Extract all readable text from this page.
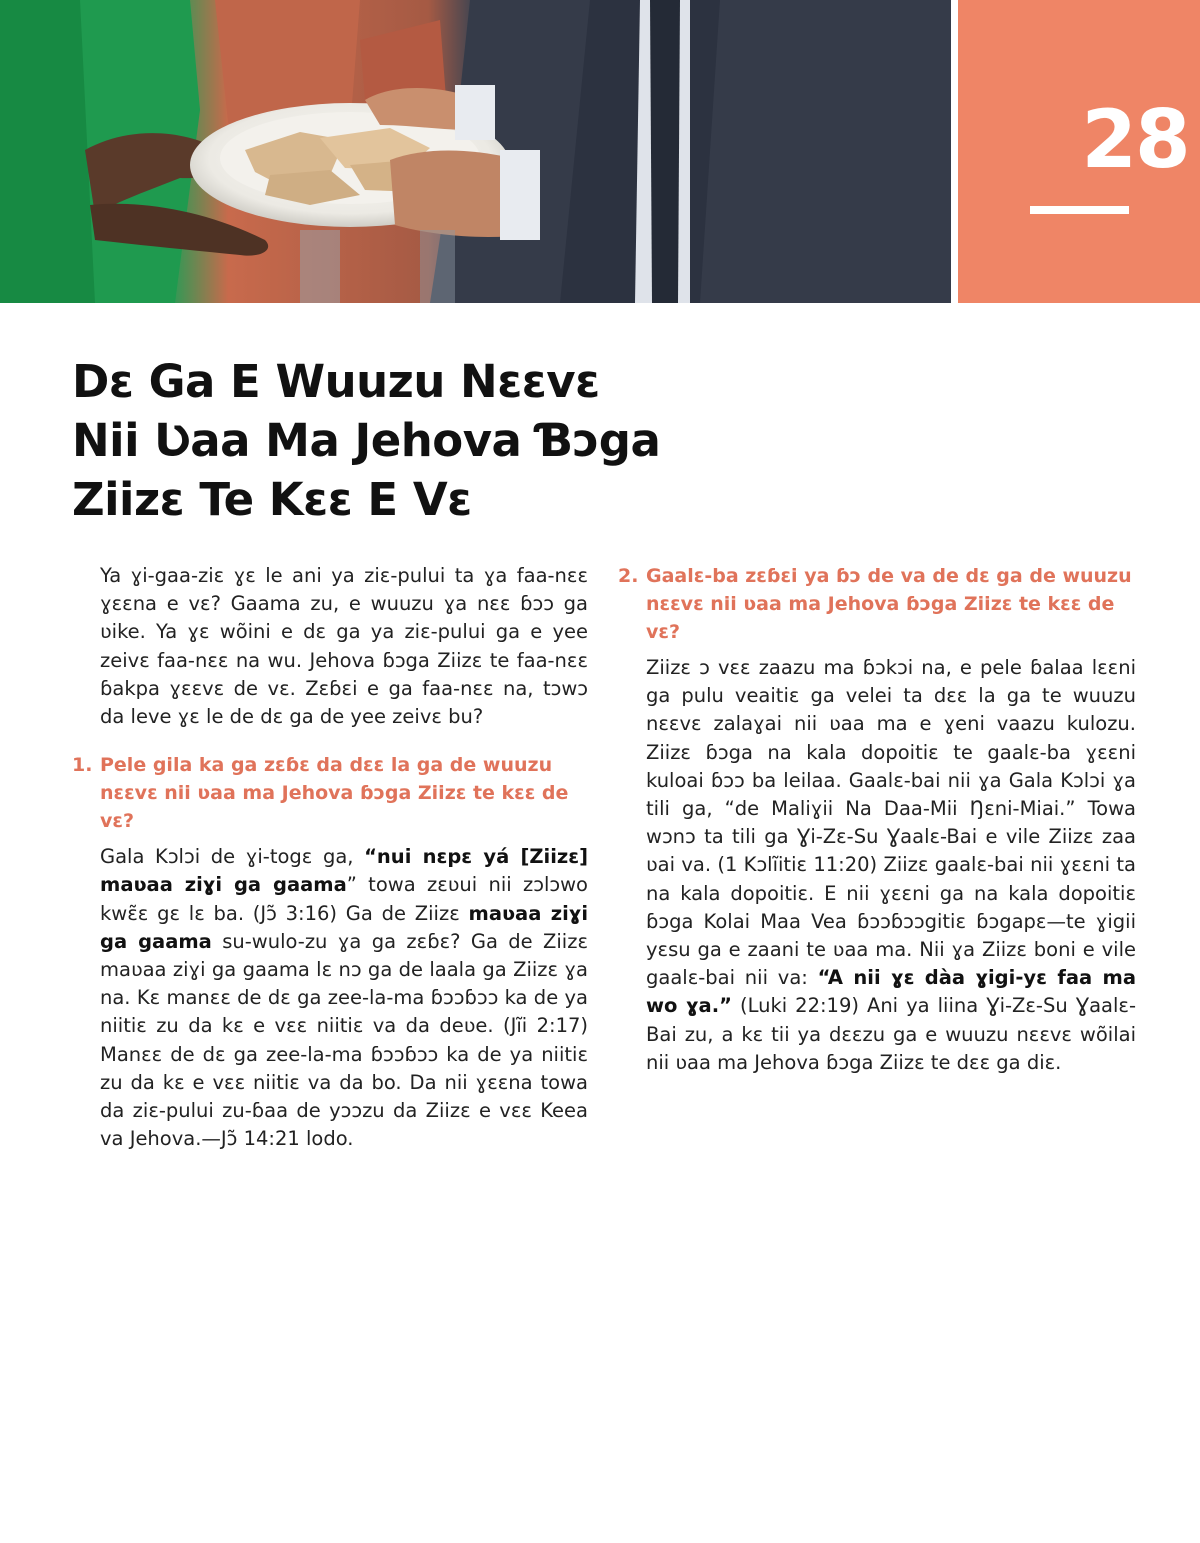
28
Dɛ Ga E Wuuzu Nɛɛvɛ
Nii Ʋaa Ma Jehova Ɓɔga
Ziizɛ Te Kɛɛ E Vɛ

Ya ɣi-gaa-ziɛ ɣɛ le ani ya ziɛ-pului ta ɣa faa-nɛɛ ɣɛɛna e vɛ? Gaama zu, e wuuzu ɣa nɛɛ ɓɔɔ ga ʋike. Ya ɣɛ wõini e dɛ ga ya ziɛ-pului ga e yee zeivɛ faa-nɛɛ na wu. Jehova ɓɔga Ziizɛ te faa-nɛɛ ɓakpa ɣɛɛvɛ de vɛ. Zɛɓɛi e ga faa-nɛɛ na, tɔwɔ da leve ɣɛ le de dɛ ga de yee zeivɛ bu?

1. Pele gila ka ga zɛɓɛ da dɛɛ la ga de wuuzu nɛɛvɛ nii ʋaa ma Jehova ɓɔga Ziizɛ te kɛɛ de vɛ?

Gala Kɔlɔi de ɣi-togɛ ga, “nui nɛpɛ yá [Ziizɛ] maʋaa ziɣi ga gaama” towa zɛʋui nii zɔlɔwo kwɛ̃ɛ gɛ lɛ ba. (Jɔ̃ 3:16) Ga de Ziizɛ maʋaa ziɣi ga gaama su-wulo-zu ɣa ga zɛɓɛ? Ga de Ziizɛ maʋaa ziɣi ga gaama lɛ nɔ ga de laala ga Ziizɛ ɣa na. Kɛ manɛɛ de dɛ ga zee-la-ma ɓɔɔɓɔɔ ka de ya niitiɛ zu da kɛ e vɛɛ niitiɛ va da deʋe. (Jĩi 2:17) Manɛɛ de dɛ ga zee-la-ma ɓɔɔɓɔɔ ka de ya niitiɛ zu da kɛ e vɛɛ niitiɛ va da bo. Da nii ɣɛɛna towa da ziɛ-pului zu-ɓaa de yɔɔzu da Ziizɛ e vɛɛ Keea va Jehova.—Jɔ̃ 14:21 lodo.

2. Gaalɛ-ba zɛɓɛi ya ɓɔ de va de dɛ ga de wuuzu nɛɛvɛ nii ʋaa ma Jehova ɓɔga Ziizɛ te kɛɛ de vɛ?

Ziizɛ ɔ vɛɛ zaazu ma ɓɔkɔi na, e pele ɓalaa lɛɛni ga pulu veaitiɛ ga velei ta dɛɛ la ga te wuuzu nɛɛvɛ zalaɣai nii ʋaa ma e ɣeni vaazu kulozu. Ziizɛ ɓɔga na kala dopoitiɛ te gaalɛ-ba ɣɛɛni kuloai ɓɔɔ ba leilaa. Gaalɛ-bai nii ɣa Gala Kɔlɔi ɣa tili ga, “de Maliɣii Na Daa-Mii Ŋɛni-Miai.” Towa wɔnɔ ta tili ga Ɣi-Zɛ-Su Ɣaalɛ-Bai e vile Ziizɛ zaa ʋai va. (1 Kɔlĩitiɛ 11:20) Ziizɛ gaalɛ-bai nii ɣɛɛni ta na kala dopoitiɛ. E nii ɣɛɛni ga na kala dopoitiɛ ɓɔga Kolai Maa Vea ɓɔɔɓɔɔgitiɛ ɓɔgapɛ—te ɣigii yɛsu ga e zaani te ʋaa ma. Nii ɣa Ziizɛ boni e vile gaalɛ-bai nii va: “A nii ɣɛ dàa ɣigi-yɛ faa ma wo ɣa.” (Luki 22:19) Ani ya liina Ɣi-Zɛ-Su Ɣaalɛ-Bai zu, a kɛ tii ya dɛɛzu ga e wuuzu nɛɛvɛ wõilai nii ʋaa ma Jehova ɓɔga Ziizɛ te dɛɛ ga diɛ.
